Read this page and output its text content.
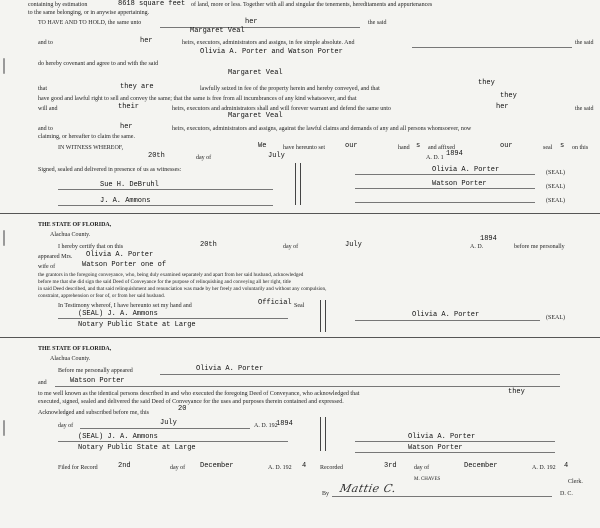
containing by estimation	8618 square feet of land, more or less. Together with all and singular the tenements, hereditaments and appurtenances
to the same belonging, or in anywise appertaining.
TO HAVE AND TO HOLD, the same unto	her	the said
Margaret Veal
and to	her	heirs, executors, administrators and assigns, in fee simple absolute. And	the said
Olivia A. Porter and Watson Porter
do hereby covenant and agree to and with the said
Margaret Veal
that	they are	lawfully seized in fee of the property herein and hereby conveyed, and that
they
have good and lawful right to sell and convey the same; that the same is free from all incumbrances of any kind whatsoever, and that	they
will and	their	heirs, executors and administrators shall and will forever warrant and defend the same unto	her	the said
Margaret Veal
and to	her	heirs, executors, administrators and assigns, against the lawful claims and demands of any and all persons whomsoever, now
claiming, or hereafter to claim the same.
IN WITNESS WHEREOF,	We	have hereunto set	our	hand s and affixed	our	seal s on this
20th	day of	July	A. D. 1 1894
Signed, sealed and delivered in presence of us as witnesses:	Olivia A. Porter	(SEAL)
Sue H. DeBruhl	Watson Porter	(SEAL)
J. A. Ammons	(SEAL)
THE STATE OF FLORIDA,
Alachua County.
I hereby certify that on this	20th	day of	July
1894
A. D.	before me personally
appeared Mrs. Olivia A. Porter
wife of	Watson Porter one of
the grantors in the foregoing conveyance, who, being duly examined separately and apart from her said husband, acknowledged
before me that she did sign the said Deed of Conveyance for the purpose of relinquishing and conveying all her right, title
in said Deed described, and that said relinquishment and renunciation was made by her freely and voluntarily and without any compulsion,
constraint, apprehension or fear of, or from her said husband.
In Testimony whereof, I have hereunto set my hand and	Official Seal
(SEAL) J. A. Ammons	Olivia A. Porter	(SEAL)
Notary Public State at Large
THE STATE OF FLORIDA,
Alachua County.
Before me personally appeared	Olivia A. Porter
and	Watson Porter
to me well known as the identical persons described in and who executed the foregoing Deed of Conveyance, who acknowledged that	they
executed, signed, sealed and delivered the said Deed of Conveyance for the uses and purposes therein contained and expressed.
Acknowledged and subscribed before me, this	20
day of	July	A. D. 192
1894
(SEAL) J. A. Ammons
Notary Public State at Large
Olivia A. Porter
Watson Porter
Filed for Record	2nd	day of December	A. D. 192 4 Recorded	3rd	day of	December	A. D. 192 4
M. CHAVES	Clerk.
By Mattie C.	D. C.
